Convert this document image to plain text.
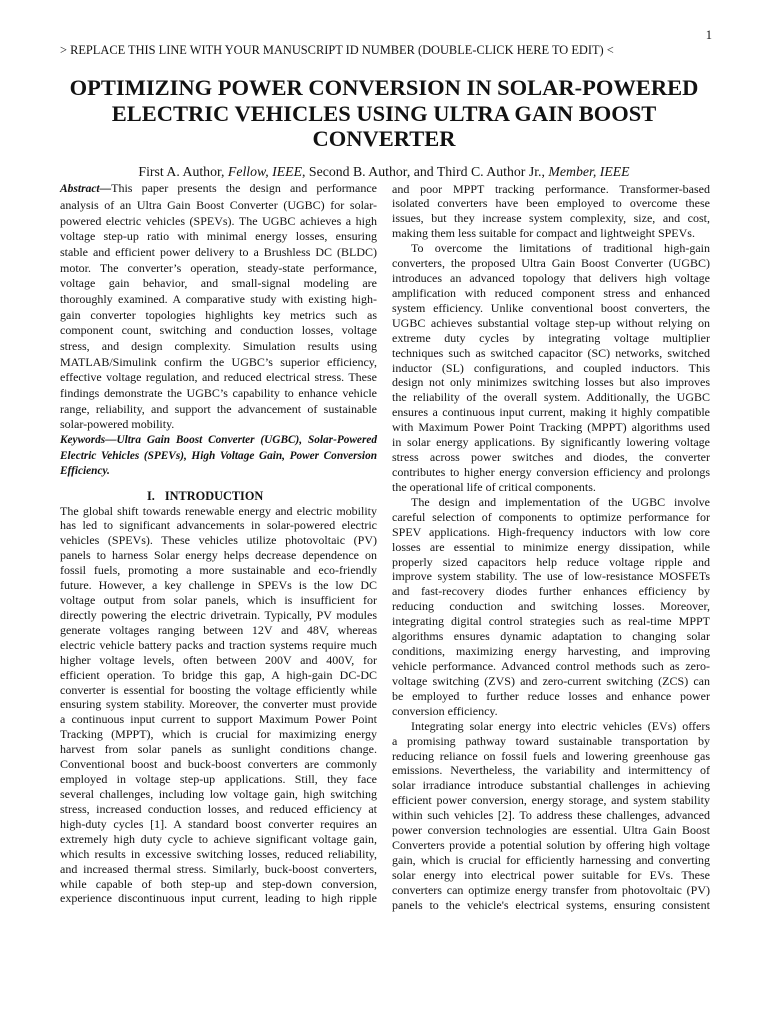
1
> REPLACE THIS LINE WITH YOUR MANUSCRIPT ID NUMBER (DOUBLE-CLICK HERE TO EDIT) <
OPTIMIZING POWER CONVERSION IN SOLAR-POWERED
ELECTRIC VEHICLES USING ULTRA GAIN BOOST
CONVERTER
First A. Author, Fellow, IEEE, Second B. Author, and Third C. Author Jr., Member, IEEE
Abstract—This paper presents the design and performance
analysis of an Ultra Gain Boost Converter (UGBC) for solar-
powered electric vehicles (SPEVs). The UGBC achieves a high
voltage step-up ratio with minimal energy losses, ensuring
stable and efficient power delivery to a Brushless DC (BLDC)
motor. The converter’s operation, steady-state performance,
voltage gain behavior, and small-signal modeling are
thoroughly examined. A comparative study with existing high-
gain converter topologies highlights key metrics such as
component count, switching and conduction losses, voltage
stress, and design complexity. Simulation results using
MATLAB/Simulink confirm the UGBC’s superior efficiency,
effective voltage regulation, and reduced electrical stress. These
findings demonstrate the UGBC’s capability to enhance vehicle
range, reliability, and support the advancement of sustainable
solar-powered mobility.
Keywords—Ultra Gain Boost Converter (UGBC), Solar-Powered
Electric Vehicles (SPEVs), High Voltage Gain, Power Conversion
Efficiency.
I. INTRODUCTION
The global shift towards renewable energy and electric mobility
has led to significant advancements in solar-powered electric
vehicles (SPEVs). These vehicles utilize photovoltaic (PV)
panels to harness Solar energy helps decrease dependence on
fossil fuels, promoting a more sustainable and eco-friendly
future. However, a key challenge in SPEVs is the low DC
voltage output from solar panels, which is insufficient for
directly powering the electric drivetrain. Typically, PV modules
generate voltages ranging between 12V and 48V, whereas
electric vehicle battery packs and traction systems require much
higher voltage levels, often between 200V and 400V, for
efficient operation. To bridge this gap, A high-gain DC-DC
converter is essential for boosting the voltage efficiently while
ensuring system stability. Moreover, the converter must provide
a continuous input current to support Maximum Power Point
Tracking (MPPT), which is crucial for maximizing energy
harvest from solar panels as sunlight conditions change.
Conventional boost and buck-boost converters are commonly
employed in voltage step-up applications. Still, they face
several challenges, including low voltage gain, high switching
stress, increased conduction losses, and reduced efficiency at
high-duty cycles [1]. A standard boost converter requires an
extremely high duty cycle to achieve significant voltage gain,
which results in excessive switching losses, reduced reliability,
and increased thermal stress. Similarly, buck-boost converters,
while capable of both step-up and step-down conversion,
experience discontinuous input current, leading to high ripple
and poor MPPT tracking performance. Transformer-based
isolated converters have been employed to overcome these
issues, but they increase system complexity, size, and cost,
making them less suitable for compact and lightweight SPEVs.
To overcome the limitations of traditional high-gain
converters, the proposed Ultra Gain Boost Converter (UGBC)
introduces an advanced topology that delivers high voltage
amplification with reduced component stress and enhanced
system efficiency. Unlike conventional boost converters, the
UGBC achieves substantial voltage step-up without relying on
extreme duty cycles by integrating voltage multiplier
techniques such as switched capacitor (SC) networks, switched
inductor (SL) configurations, and coupled inductors. This
design not only minimizes switching losses but also improves
the reliability of the overall system. Additionally, the UGBC
ensures a continuous input current, making it highly compatible
with Maximum Power Point Tracking (MPPT) algorithms used
in solar energy applications. By significantly lowering voltage
stress across power switches and diodes, the converter
contributes to higher energy conversion efficiency and prolongs
the operational life of critical components.
The design and implementation of the UGBC involve
careful selection of components to optimize performance for
SPEV applications. High-frequency inductors with low core
losses are essential to minimize energy dissipation, while
properly sized capacitors help reduce voltage ripple and
improve system stability. The use of low-resistance MOSFETs
and fast-recovery diodes further enhances efficiency by
reducing conduction and switching losses. Moreover,
integrating digital control strategies such as real-time MPPT
algorithms ensures dynamic adaptation to changing solar
conditions, maximizing energy harvesting, and improving
vehicle performance. Advanced control methods such as zero-
voltage switching (ZVS) and zero-current switching (ZCS) can
be employed to further reduce losses and enhance power
conversion efficiency.
Integrating solar energy into electric vehicles (EVs) offers
a promising pathway toward sustainable transportation by
reducing reliance on fossil fuels and lowering greenhouse gas
emissions. Nevertheless, the variability and intermittency of
solar irradiance introduce substantial challenges in achieving
efficient power conversion, energy storage, and system stability
within such vehicles [2]. To address these challenges, advanced
power conversion technologies are essential. Ultra Gain Boost
Converters provide a potential solution by offering high voltage
gain, which is crucial for efficiently harnessing and converting
solar energy into electrical power suitable for EVs. These
converters can optimize energy transfer from photovoltaic (PV)
panels to the vehicle's electrical systems, ensuring consistent
